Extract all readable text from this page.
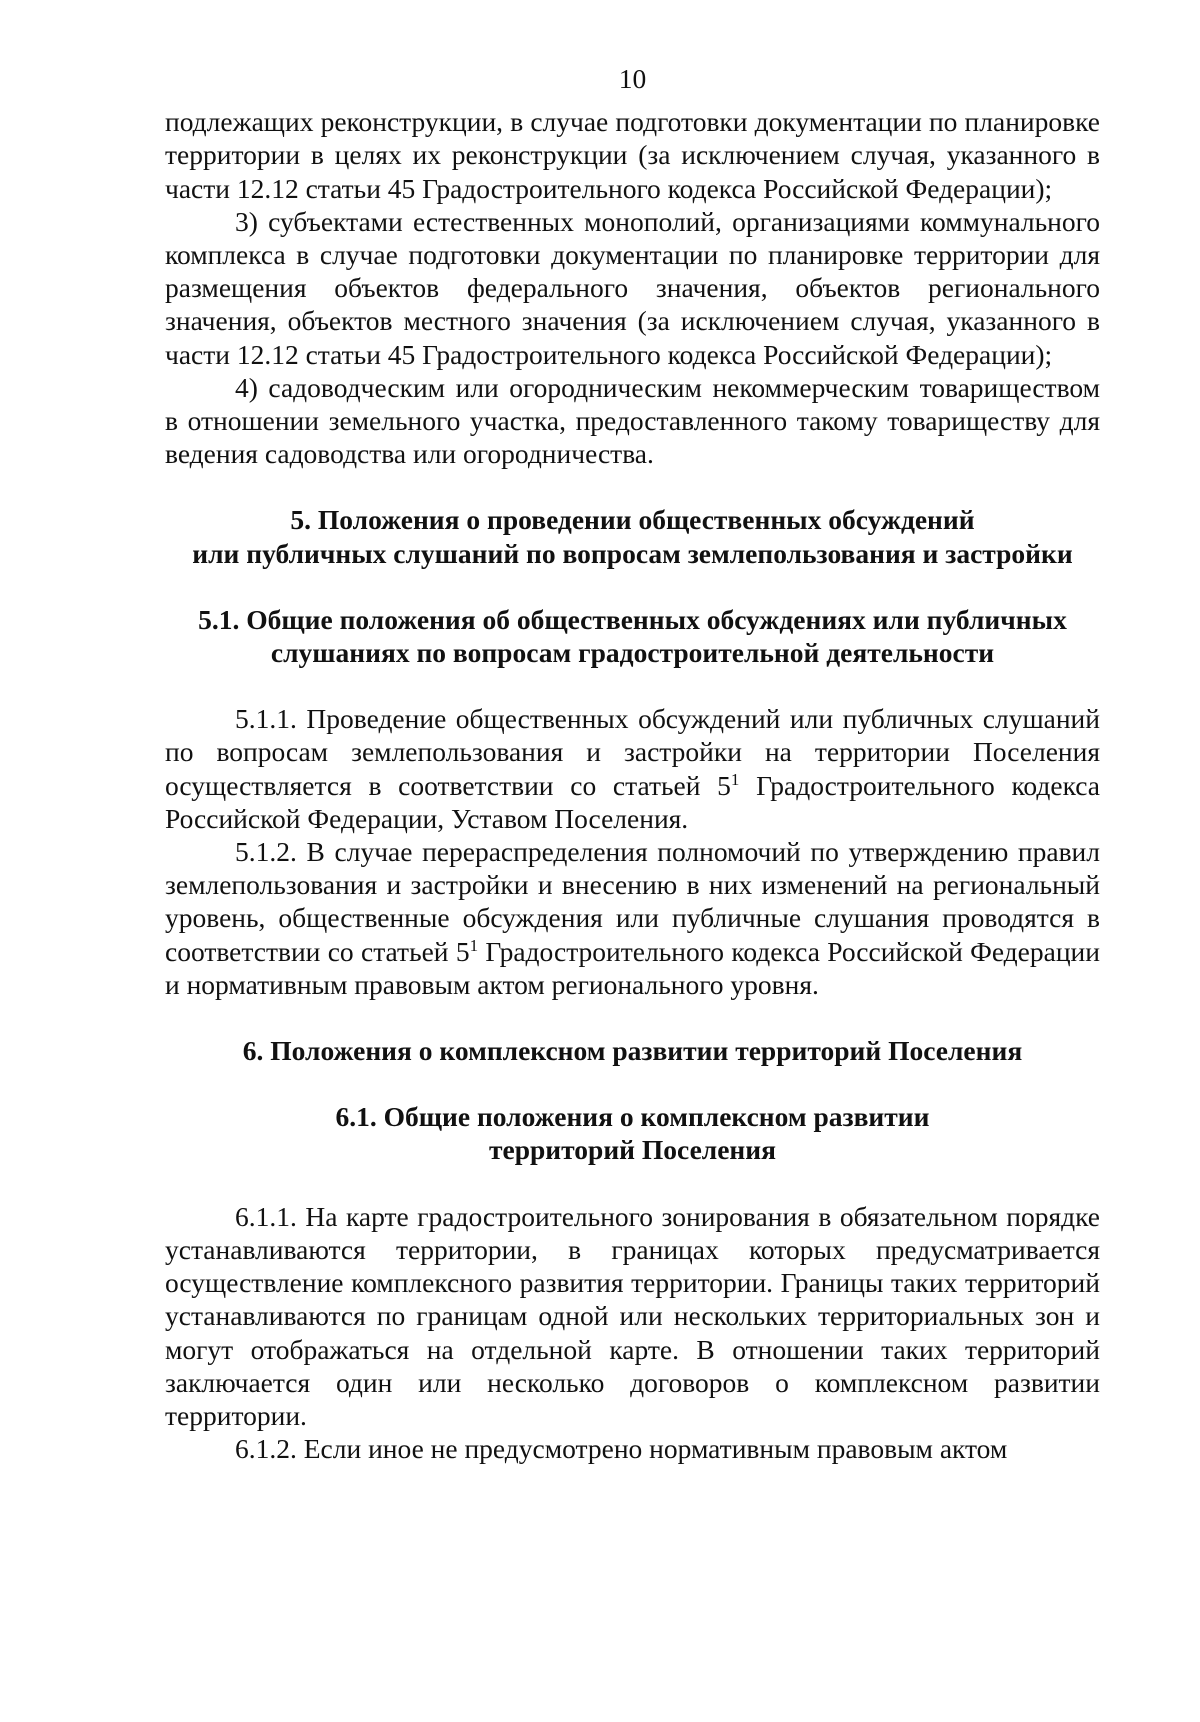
10

подлежащих реконструкции, в случае подготовки документации по планировке территории в целях их реконструкции (за исключением случая, указанного в части 12.12 статьи 45 Градостроительного кодекса Российской Федерации);

3) субъектами естественных монополий, организациями коммунального комплекса в случае подготовки документации по планировке территории для размещения объектов федерального значения, объектов регионального значения, объектов местного значения (за исключением случая, указанного в части 12.12 статьи 45 Градостроительного кодекса Российской Федерации);

4) садоводческим или огородническим некоммерческим товариществом в отношении земельного участка, предоставленного такому товариществу для ведения садоводства или огородничества.

5. Положения о проведении общественных обсуждений
или публичных слушаний по вопросам землепользования и застройки
5.1. Общие положения об общественных обсуждениях или публичных
слушаниях по вопросам градостроительной деятельности

5.1.1. Проведение общественных обсуждений или публичных слушаний по вопросам землепользования и застройки на территории Поселения осуществляется в соответствии со статьей $5^1$ Градостроительного кодекса Российской Федерации, Уставом Поселения.

5.1.2. В случае перераспределения полномочий по утверждению правил землепользования и застройки и внесению в них изменений на региональный уровень, общественные обсуждения или публичные слушания проводятся в соответствии со статьей $5^1$ Градостроительного кодекса Российской Федерации и нормативным правовым актом регионального уровня.

6. Положения о комплексном развитии территорий Поселения
6.1. Общие положения о комплексном развитии
территорий Поселения

6.1.1. На карте градостроительного зонирования в обязательном порядке устанавливаются территории, в границах которых предусматривается осуществление комплексного развития территории. Границы таких территорий устанавливаются по границам одной или нескольких территориальных зон и могут отображаться на отдельной карте. В отношении таких территорий заключается один или несколько договоров о комплексном развитии территории.

6.1.2. Если иное не предусмотрено нормативным правовым актом
